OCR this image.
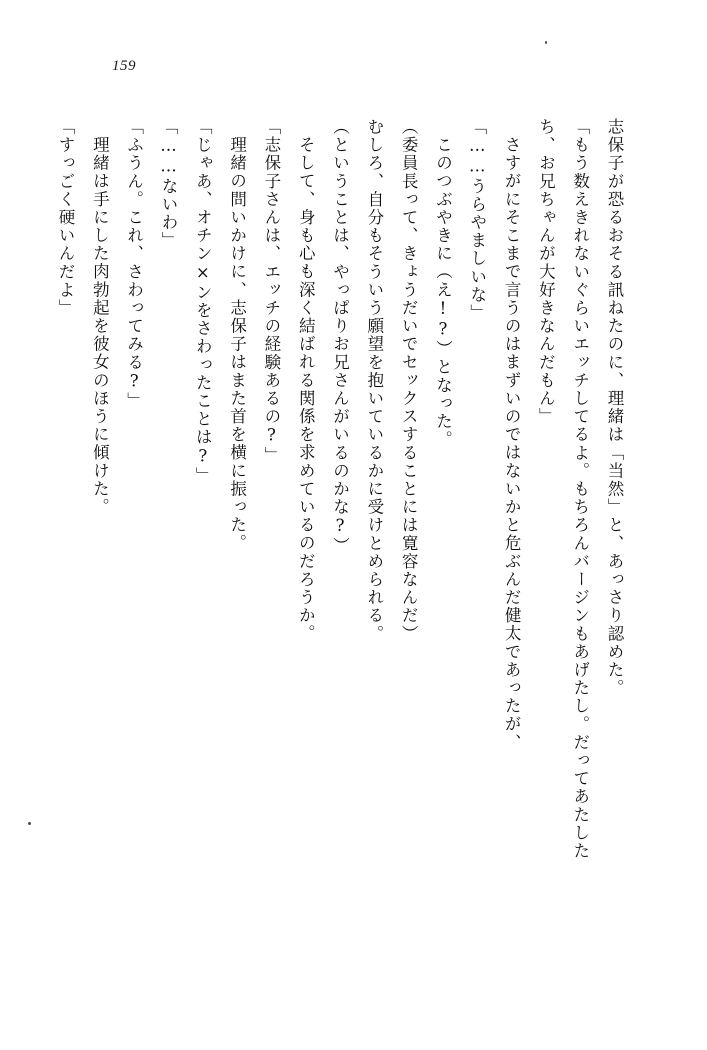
159

志保子が恐るおそる訊ねたのに、理緒は「当然」と、あっさり認めた。

「もう数えきれないぐらいエッチしてるよ。もちろんバージンもあげたし。だってあたしたち、お兄ちゃんが大好きなんだもん」

さすがにそこまで言うのはまずいのではないかと危ぶんだ健太であったが、

「……うらやましいな」

このつぶやきに（え!?）となった。

（委員長って、きょうだいでセックスすることには寛容なんだ）

むしろ、自分もそういう願望を抱いているかに受けとめられる。

（ということは、やっぱりお兄さんがいるのかな?）

そして、身も心も深く結ばれる関係を求めているのだろうか。

「志保子さんは、エッチの経験あるの?」

理緒の問いかけに、志保子はまた首を横に振った。

「じゃあ、オチン×ンをさわったことは?」

「……ないわ」

「ふうん。これ、さわってみる?」

理緒は手にした肉勃起を彼女のほうに傾けた。

「すっごく硬いんだよ」
